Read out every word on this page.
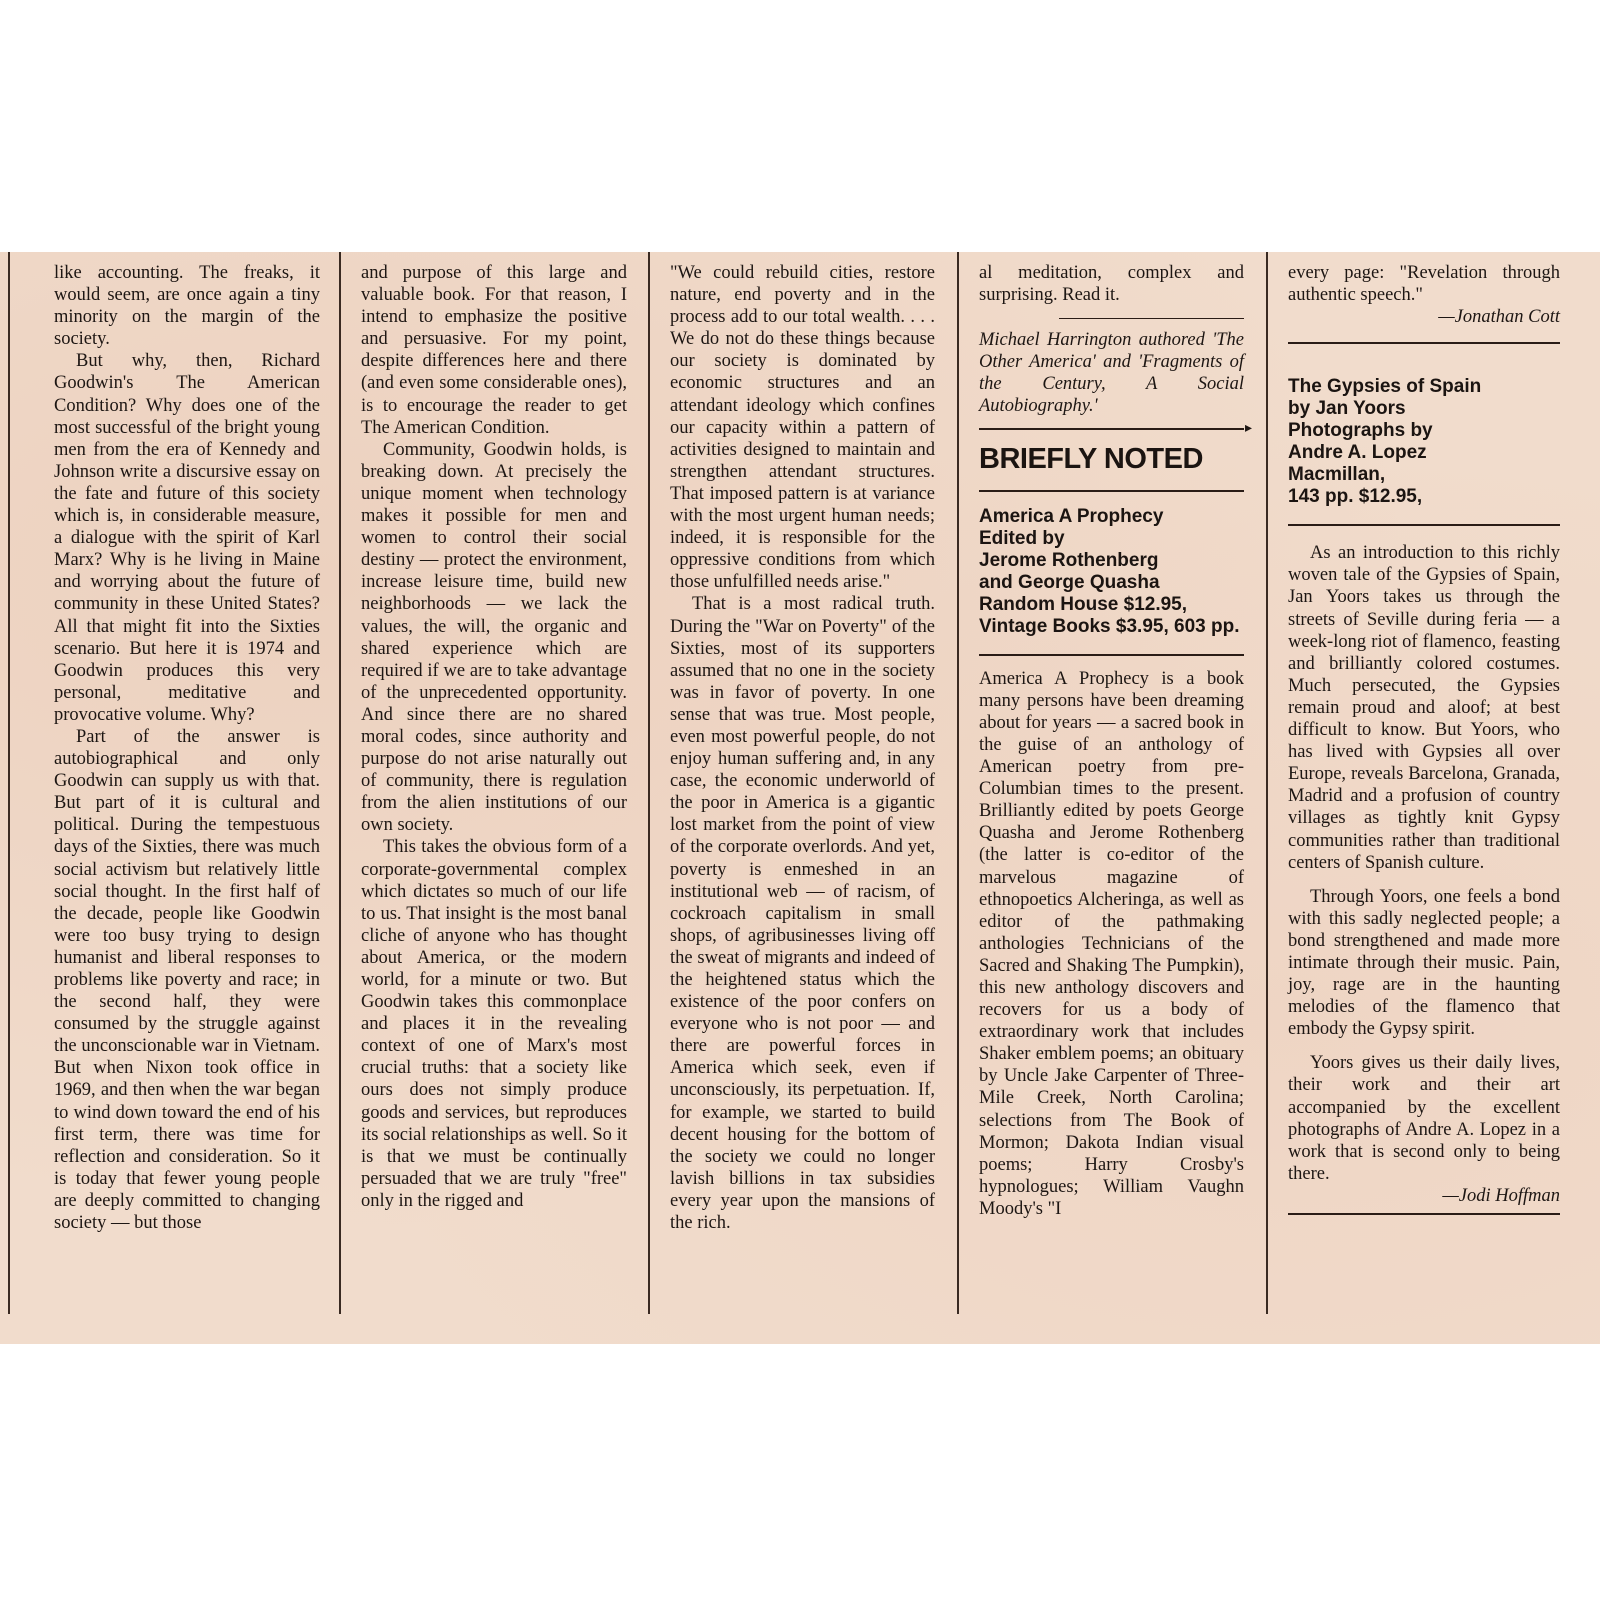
like accounting. The freaks, it would seem, are once again a tiny minority on the margin of the society.

But why, then, Richard Goodwin's The American Condition? Why does one of the most successful of the bright young men from the era of Kennedy and Johnson write a discursive essay on the fate and future of this society which is, in considerable measure, a dialogue with the spirit of Karl Marx? Why is he living in Maine and worrying about the future of community in these United States? All that might fit into the Sixties scenario. But here it is 1974 and Goodwin produces this very personal, meditative and provocative volume. Why?

Part of the answer is autobiographical and only Goodwin can supply us with that. But part of it is cultural and political. During the tempestuous days of the Sixties, there was much social activism but relatively little social thought. In the first half of the decade, people like Goodwin were too busy trying to design humanist and liberal responses to problems like poverty and race; in the second half, they were consumed by the struggle against the unconscionable war in Vietnam. But when Nixon took office in 1969, and then when the war began to wind down toward the end of his first term, there was time for reflection and consideration. So it is today that fewer young people are deeply committed to changing society — but those

and purpose of this large and valuable book. For that reason, I intend to emphasize the positive and persuasive. For my point, despite differences here and there (and even some considerable ones), is to encourage the reader to get The American Condition.

Community, Goodwin holds, is breaking down. At precisely the unique moment when technology makes it possible for men and women to control their social destiny — protect the environment, increase leisure time, build new neighborhoods — we lack the values, the will, the organic and shared experience which are required if we are to take advantage of the unprecedented opportunity. And since there are no shared moral codes, since authority and purpose do not arise naturally out of community, there is regulation from the alien institutions of our own society.

This takes the obvious form of a corporate-governmental complex which dictates so much of our life to us. That insight is the most banal cliche of anyone who has thought about America, or the modern world, for a minute or two. But Goodwin takes this commonplace and places it in the revealing context of one of Marx's most crucial truths: that a society like ours does not simply produce goods and services, but reproduces its social relationships as well. So it is that we must be continually persuaded that we are truly "free" only in the rigged and

"We could rebuild cities, restore nature, end poverty and in the process add to our total wealth. . . . We do not do these things because our society is dominated by economic structures and an attendant ideology which confines our capacity within a pattern of activities designed to maintain and strengthen attendant structures. That imposed pattern is at variance with the most urgent human needs; indeed, it is responsible for the oppressive conditions from which those unfulfilled needs arise."

That is a most radical truth. During the "War on Poverty" of the Sixties, most of its supporters assumed that no one in the society was in favor of poverty. In one sense that was true. Most people, even most powerful people, do not enjoy human suffering and, in any case, the economic underworld of the poor in America is a gigantic lost market from the point of view of the corporate overlords. And yet, poverty is enmeshed in an institutional web — of racism, of cockroach capitalism in small shops, of agribusinesses living off the sweat of migrants and indeed of the heightened status which the existence of the poor confers on everyone who is not poor — and there are powerful forces in America which seek, even if unconsciously, its perpetuation. If, for example, we started to build decent housing for the bottom of the society we could no longer lavish billions in tax subsidies every year upon the mansions of the rich.

al meditation, complex and surprising. Read it.

Michael Harrington authored 'The Other America' and 'Fragments of the Century, A Social Autobiography.'

▸
BRIEFLY NOTED
America A Prophecy
Edited by
Jerome Rothenberg
and George Quasha
Random House $12.95,
Vintage Books $3.95, 603 pp.

America A Prophecy is a book many persons have been dreaming about for years — a sacred book in the guise of an anthology of American poetry from pre-Columbian times to the present. Brilliantly edited by poets George Quasha and Jerome Rothenberg (the latter is co-editor of the marvelous magazine of ethnopoetics Alcheringa, as well as editor of the pathmaking anthologies Technicians of the Sacred and Shaking The Pumpkin), this new anthology discovers and recovers for us a body of extraordinary work that includes Shaker emblem poems; an obituary by Uncle Jake Carpenter of Three-Mile Creek, North Carolina; selections from The Book of Mormon; Dakota Indian visual poems; Harry Crosby's hypnologues; William Vaughn Moody's "I

every page: "Revelation through authentic speech."

—Jonathan Cott
The Gypsies of Spain
by Jan Yoors
Photographs by
Andre A. Lopez
Macmillan,
143 pp. $12.95,

As an introduction to this richly woven tale of the Gypsies of Spain, Jan Yoors takes us through the streets of Seville during feria — a week-long riot of flamenco, feasting and brilliantly colored costumes. Much persecuted, the Gypsies remain proud and aloof; at best difficult to know. But Yoors, who has lived with Gypsies all over Europe, reveals Barcelona, Granada, Madrid and a profusion of country villages as tightly knit Gypsy communities rather than traditional centers of Spanish culture.

Through Yoors, one feels a bond with this sadly neglected people; a bond strengthened and made more intimate through their music. Pain, joy, rage are in the haunting melodies of the flamenco that embody the Gypsy spirit.

Yoors gives us their daily lives, their work and their art accompanied by the excellent photographs of Andre A. Lopez in a work that is second only to being there.

—Jodi Hoffman
